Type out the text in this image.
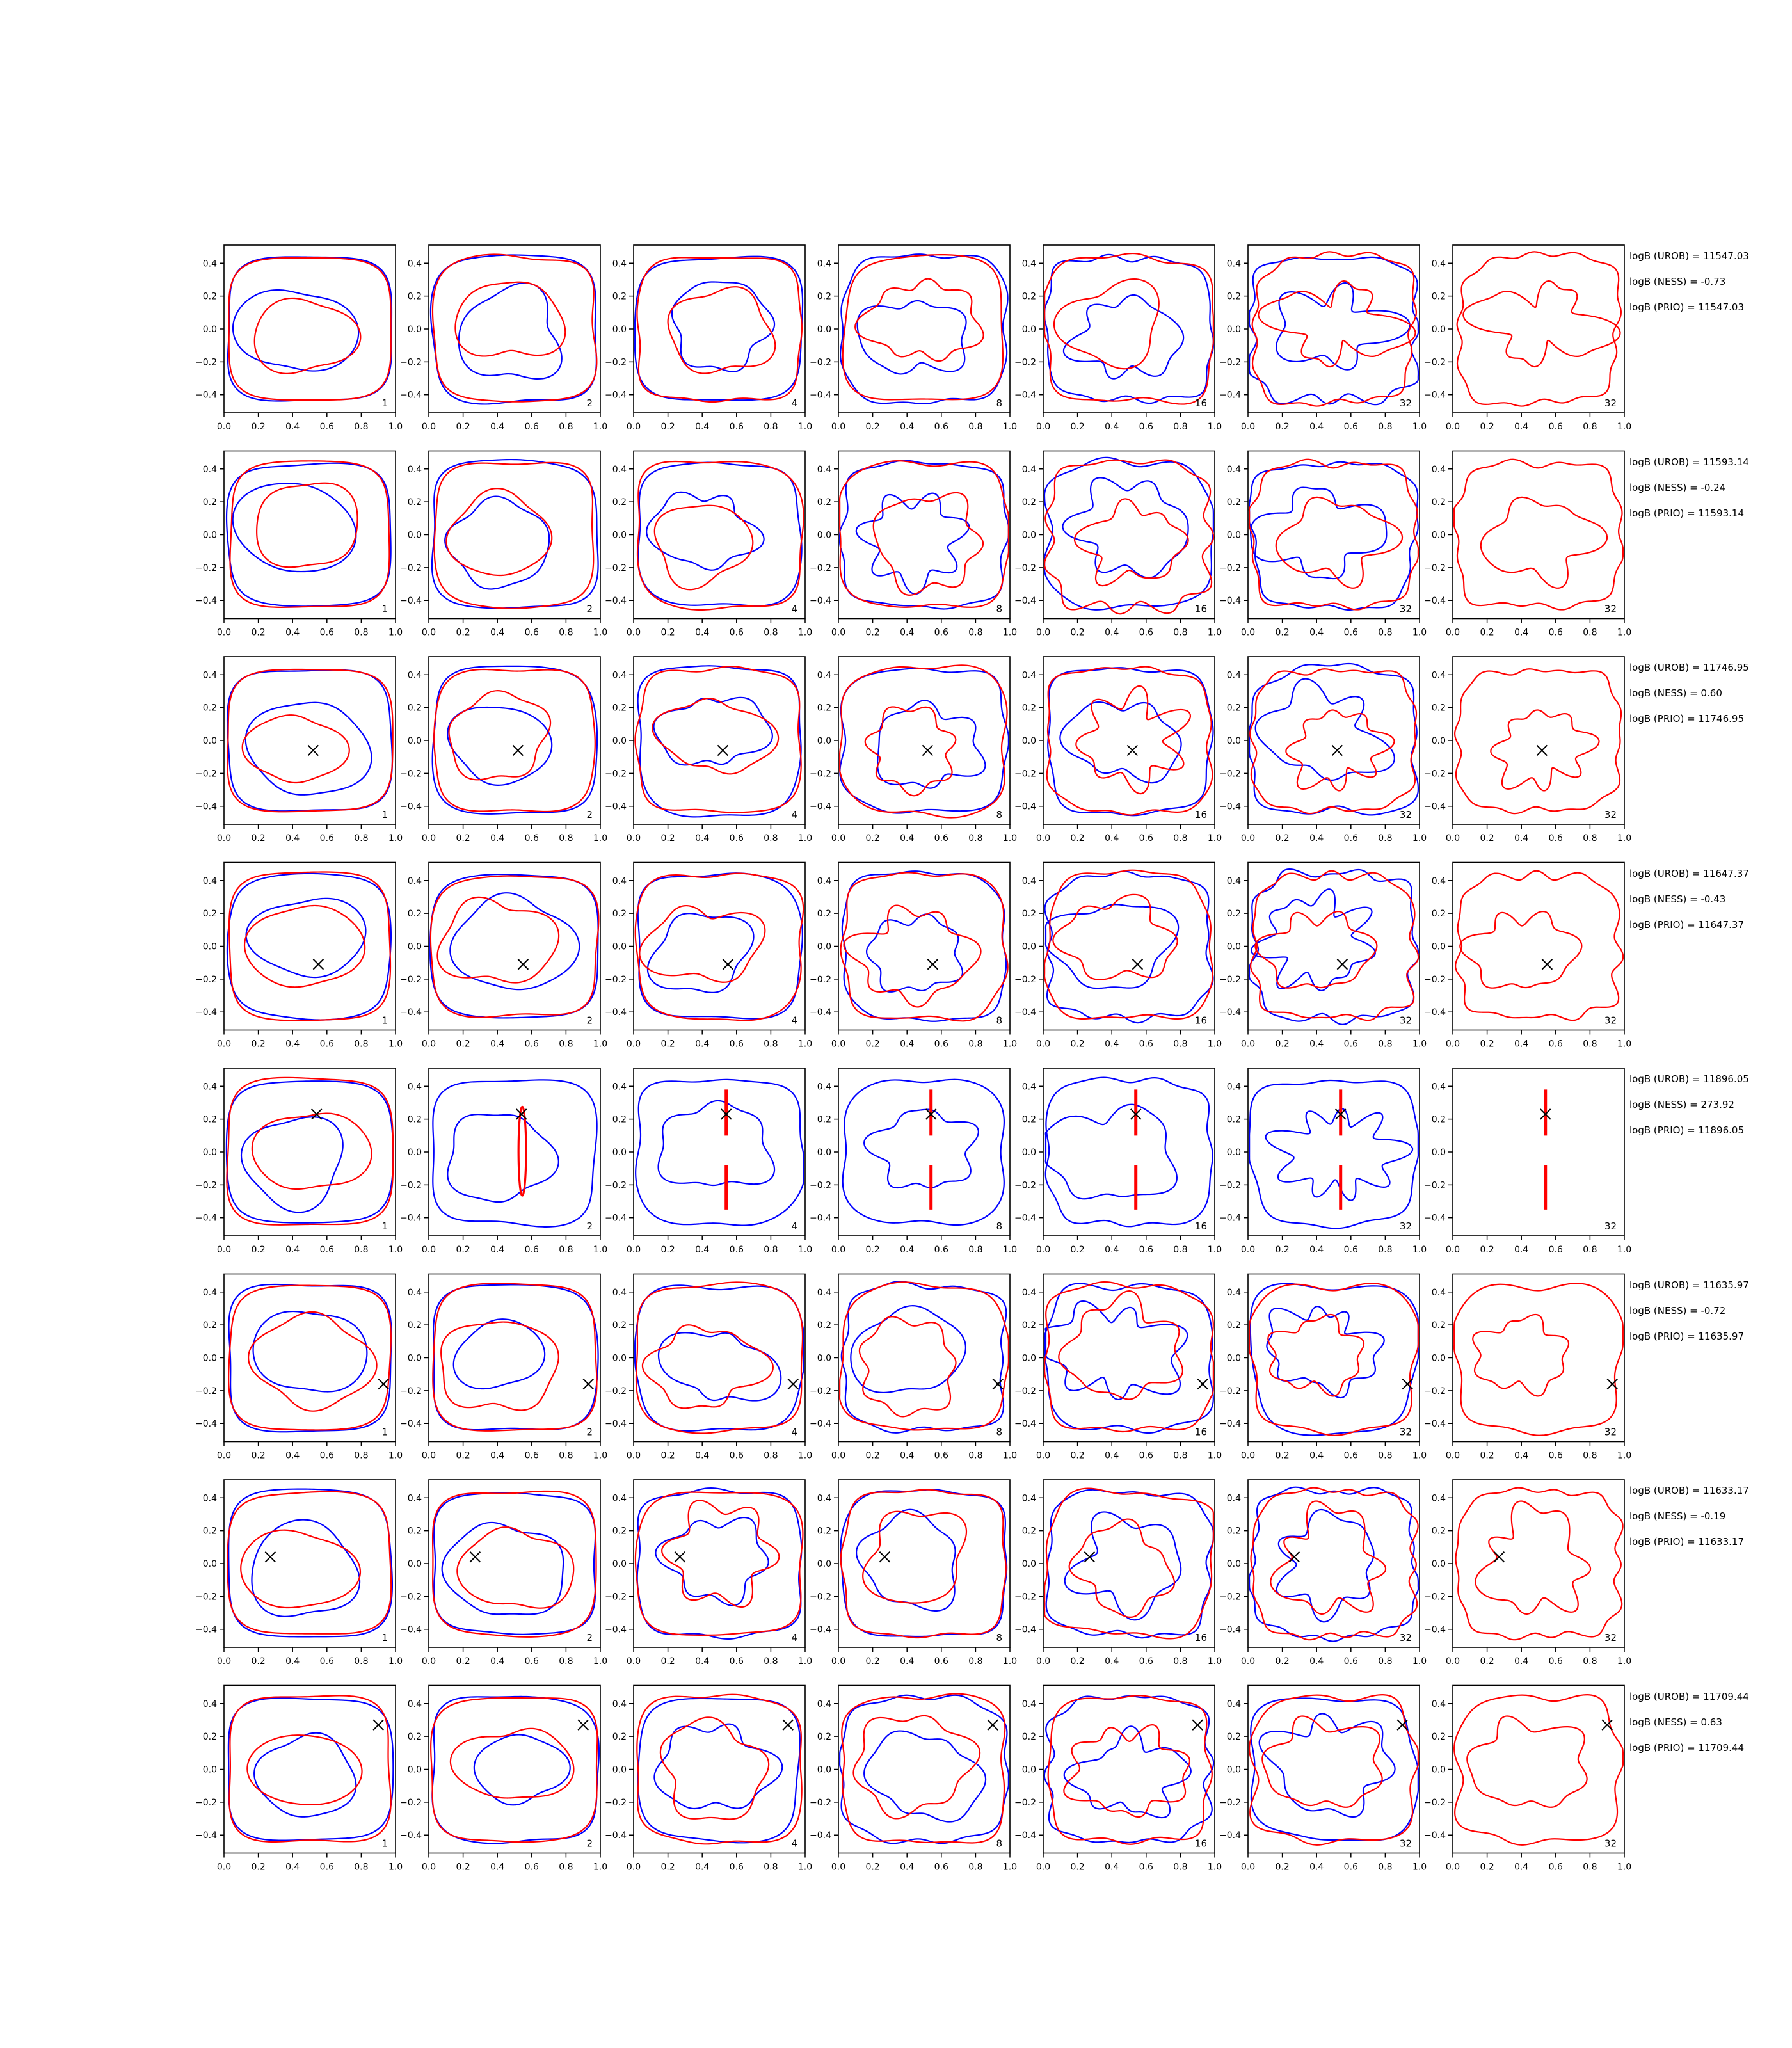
0.0 0.2 0.4 0.6 0.8 1.0
0.4
0.2
0.0
−0.2
−0.4
1
0.0 0.2 0.4 0.6 0.8 1.0
0.4
0.2
0.0
−0.2
−0.4
2
0.0 0.2 0.4 0.6 0.8 1.0
0.4
0.2
0.0
−0.2
−0.4
4
0.0 0.2 0.4 0.6 0.8 1.0
0.4
0.2
0.0
−0.2
−0.4
8
0.0 0.2 0.4 0.6 0.8 1.0
0.4
0.2
0.0
−0.2
−0.4
16
0.0 0.2 0.4 0.6 0.8 1.0
0.4
0.2
0.0
−0.2
−0.4
32
0.0 0.2 0.4 0.6 0.8 1.0
0.4
0.2
0.0
−0.2
−0.4
32
0.0 0.2 0.4 0.6 0.8 1.0
0.4
0.2
0.0
−0.2
−0.4
1
0.0 0.2 0.4 0.6 0.8 1.0
0.4
0.2
0.0
−0.2
−0.4
2
0.0 0.2 0.4 0.6 0.8 1.0
0.4
0.2
0.0
−0.2
−0.4
4
0.0 0.2 0.4 0.6 0.8 1.0
0.4
0.2
0.0
−0.2
−0.4
8
0.0 0.2 0.4 0.6 0.8 1.0
0.4
0.2
0.0
−0.2
−0.4
16
0.0 0.2 0.4 0.6 0.8 1.0
0.4
0.2
0.0
−0.2
−0.4
32
0.0 0.2 0.4 0.6 0.8 1.0
0.4
0.2
0.0
−0.2
−0.4
32
0.0 0.2 0.4 0.6 0.8 1.0
0.4
0.2
0.0
−0.2
−0.4
1
0.0 0.2 0.4 0.6 0.8 1.0
0.4
0.2
0.0
−0.2
−0.4
2
0.0 0.2 0.4 0.6 0.8 1.0
0.4
0.2
0.0
−0.2
−0.4
4
0.0 0.2 0.4 0.6 0.8 1.0
0.4
0.2
0.0
−0.2
−0.4
8
0.0 0.2 0.4 0.6 0.8 1.0
0.4
0.2
0.0
−0.2
−0.4
16
0.0 0.2 0.4 0.6 0.8 1.0
0.4
0.2
0.0
−0.2
−0.4
32
0.0 0.2 0.4 0.6 0.8 1.0
0.4
0.2
0.0
−0.2
−0.4
32
0.0 0.2 0.4 0.6 0.8 1.0
0.4
0.2
0.0
−0.2
−0.4
1
0.0 0.2 0.4 0.6 0.8 1.0
0.4
0.2
0.0
−0.2
−0.4
2
0.0 0.2 0.4 0.6 0.8 1.0
0.4
0.2
0.0
−0.2
−0.4
4
0.0 0.2 0.4 0.6 0.8 1.0
0.4
0.2
0.0
−0.2
−0.4
8
0.0 0.2 0.4 0.6 0.8 1.0
0.4
0.2
0.0
−0.2
−0.4
16
0.0 0.2 0.4 0.6 0.8 1.0
0.4
0.2
0.0
−0.2
−0.4
32
0.0 0.2 0.4 0.6 0.8 1.0
0.4
0.2
0.0
−0.2
−0.4
32
0.0 0.2 0.4 0.6 0.8 1.0
0.4
0.2
0.0
−0.2
−0.4
1
0.0 0.2 0.4 0.6 0.8 1.0
0.4
0.2
0.0
−0.2
−0.4
2
0.0 0.2 0.4 0.6 0.8 1.0
0.4
0.2
0.0
−0.2
−0.4
4
0.0 0.2 0.4 0.6 0.8 1.0
0.4
0.2
0.0
−0.2
−0.4
8
0.0 0.2 0.4 0.6 0.8 1.0
0.4
0.2
0.0
−0.2
−0.4
16
0.0 0.2 0.4 0.6 0.8 1.0
0.4
0.2
0.0
−0.2
−0.4
32
0.0 0.2 0.4 0.6 0.8 1.0
0.4
0.2
0.0
−0.2
−0.4
32
0.0 0.2 0.4 0.6 0.8 1.0
0.4
0.2
0.0
−0.2
−0.4
1
0.0 0.2 0.4 0.6 0.8 1.0
0.4
0.2
0.0
−0.2
−0.4
2
0.0 0.2 0.4 0.6 0.8 1.0
0.4
0.2
0.0
−0.2
−0.4
4
0.0 0.2 0.4 0.6 0.8 1.0
0.4
0.2
0.0
−0.2
−0.4
8
0.0 0.2 0.4 0.6 0.8 1.0
0.4
0.2
0.0
−0.2
−0.4
16
0.0 0.2 0.4 0.6 0.8 1.0
0.4
0.2
0.0
−0.2
−0.4
32
0.0 0.2 0.4 0.6 0.8 1.0
0.4
0.2
0.0
−0.2
−0.4
32
0.0 0.2 0.4 0.6 0.8 1.0
0.4
0.2
0.0
−0.2
−0.4
1
0.0 0.2 0.4 0.6 0.8 1.0
0.4
0.2
0.0
−0.2
−0.4
2
0.0 0.2 0.4 0.6 0.8 1.0
0.4
0.2
0.0
−0.2
−0.4
4
0.0 0.2 0.4 0.6 0.8 1.0
0.4
0.2
0.0
−0.2
−0.4
8
0.0 0.2 0.4 0.6 0.8 1.0
0.4
0.2
0.0
−0.2
−0.4
16
0.0 0.2 0.4 0.6 0.8 1.0
0.4
0.2
0.0
−0.2
−0.4
32
0.0 0.2 0.4 0.6 0.8 1.0
0.4
0.2
0.0
−0.2
−0.4
32
0.0 0.2 0.4 0.6 0.8 1.0
0.4
0.2
0.0
−0.2
−0.4
1
0.0 0.2 0.4 0.6 0.8 1.0
0.4
0.2
0.0
−0.2
−0.4
2
0.0 0.2 0.4 0.6 0.8 1.0
0.4
0.2
0.0
−0.2
−0.4
4
0.0 0.2 0.4 0.6 0.8 1.0
0.4
0.2
0.0
−0.2
−0.4
8
0.0 0.2 0.4 0.6 0.8 1.0
0.4
0.2
0.0
−0.2
−0.4
16
0.0 0.2 0.4 0.6 0.8 1.0
0.4
0.2
0.0
−0.2
−0.4
32
0.0 0.2 0.4 0.6 0.8 1.0
0.4
0.2
0.0
−0.2
−0.4
32
logB (UROB) = 11547.03
logB (NESS) = -0.73
logB (PRIO) = 11547.03
logB (UROB) = 11593.14
logB (NESS) = -0.24
logB (PRIO) = 11593.14
logB (UROB) = 11746.95
logB (NESS) = 0.60
logB (PRIO) = 11746.95
logB (UROB) = 11647.37
logB (NESS) = -0.43
logB (PRIO) = 11647.37
logB (UROB) = 11896.05
logB (NESS) = 273.92
logB (PRIO) = 11896.05
logB (UROB) = 11635.97
logB (NESS) = -0.72
logB (PRIO) = 11635.97
logB (UROB) = 11633.17
logB (NESS) = -0.19
logB (PRIO) = 11633.17
logB (UROB) = 11709.44
logB (NESS) = 0.63
logB (PRIO) = 11709.44
